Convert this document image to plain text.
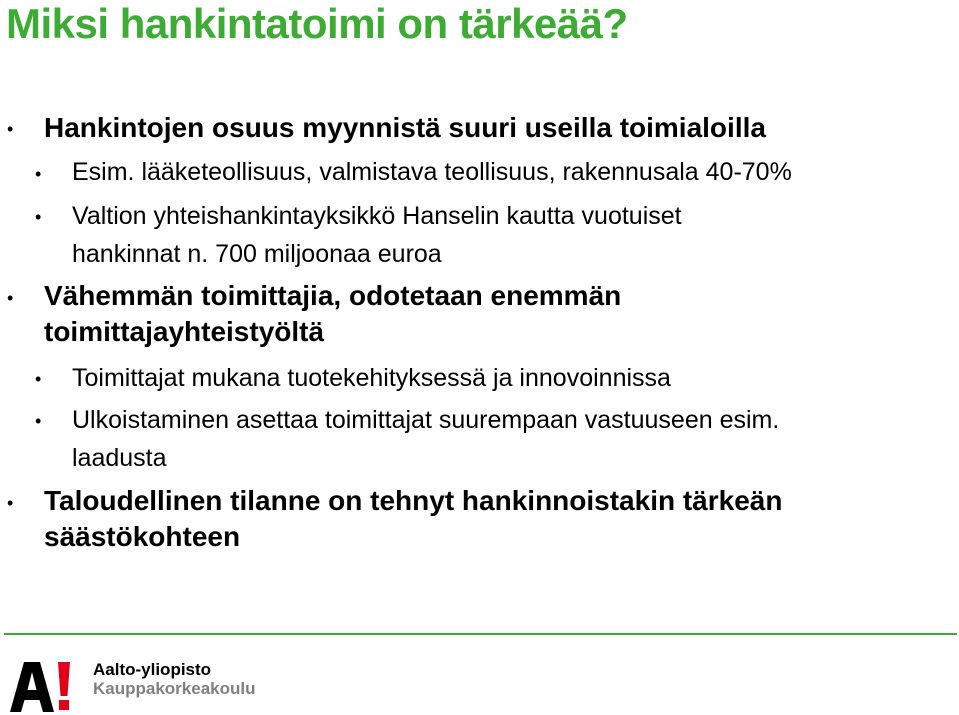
Miksi hankintatoimi on tärkeää?
• Hankintojen osuus myynnistä suuri useilla toimialoilla

• Esim. lääketeollisuus, valmistava teollisuus, rakennusala 40-70%

• Valtion yhteishankintayksikkö Hanselin kautta vuotuiset
hankinnat n. 700 miljoonaa euroa

• Vähemmän toimittajia, odotetaan enemmän
toimittajayhteistyöltä

• Toimittajat mukana tuotekehityksessä ja innovoinnissa

• Ulkoistaminen asettaa toimittajat suurempaan vastuuseen esim.
laadusta

• Taloudellinen tilanne on tehnyt hankinnoistakin tärkeän
säästökohteen

Aalto-yliopisto
Kauppakorkeakoulu
